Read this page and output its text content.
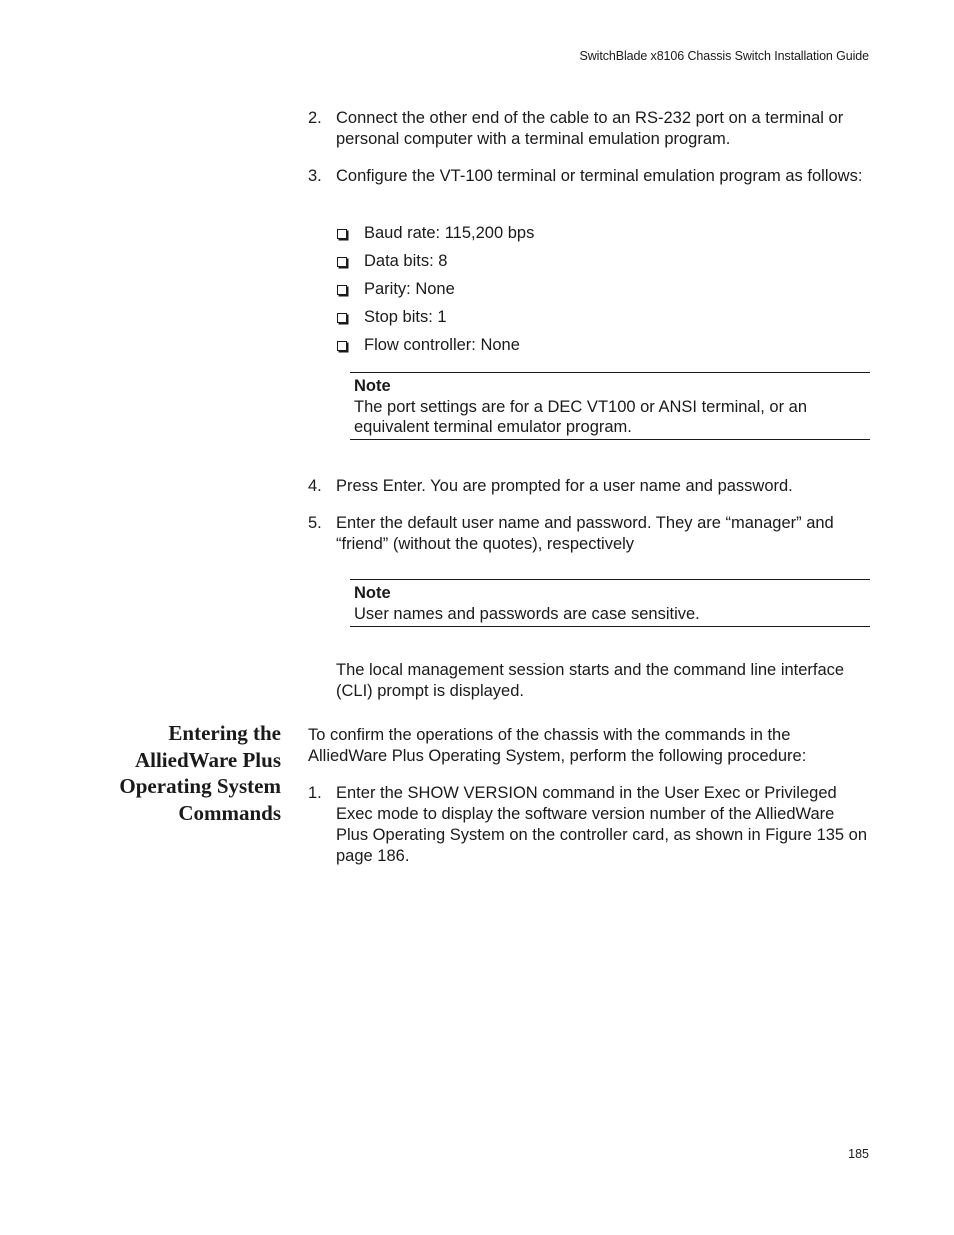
SwitchBlade x8106 Chassis Switch Installation Guide
2. Connect the other end of the cable to an RS-232 port on a terminal or personal computer with a terminal emulation program.
3. Configure the VT-100 terminal or terminal emulation program as follows:
Baud rate: 115,200 bps
Data bits: 8
Parity: None
Stop bits: 1
Flow controller: None
Note
The port settings are for a DEC VT100 or ANSI terminal, or an equivalent terminal emulator program.
4. Press Enter. You are prompted for a user name and password.
5. Enter the default user name and password. They are “manager” and “friend” (without the quotes), respectively
Note
User names and passwords are case sensitive.
The local management session starts and the command line interface (CLI) prompt is displayed.
Entering the
AlliedWare Plus
Operating System
Commands
To confirm the operations of the chassis with the commands in the AlliedWare Plus Operating System, perform the following procedure:
1. Enter the SHOW VERSION command in the User Exec or Privileged Exec mode to display the software version number of the AlliedWare Plus Operating System on the controller card, as shown in Figure 135 on page 186.
185
